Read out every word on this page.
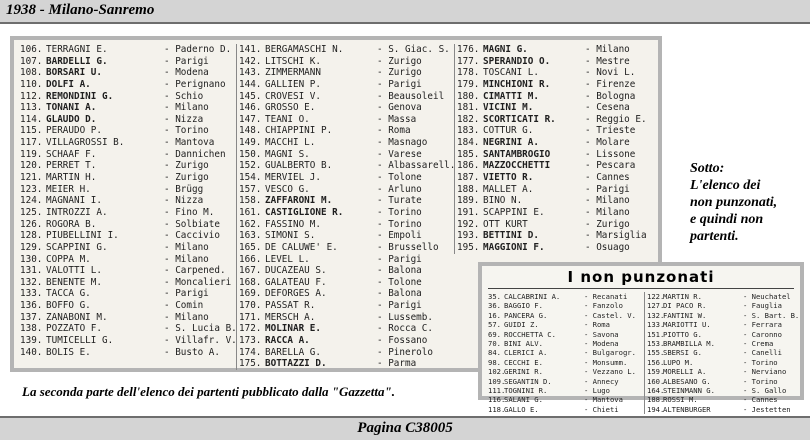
1938 - Milano-Sanremo
106. TERRAGNI E.	- Paderno D.
107. BARDELLI G.	- Parigi
108. BORSARI U.	- Modena
110. DOLFI A.	- Perignano
112. REMONDINI G.	- Schio
113. TONANI A.	- Milano
114. GLAUDO D.	- Nizza
115. PERAUDO P.	- Torino
117. VILLAGROSSI B.	- Mantova
119. SCHAAF F.	- Dannichen
120. PERRET T.	- Zurigo
121. MARTIN H.	- Zurigo
123. MEIER H.	- Brügg
124. MAGNANI I.	- Nizza
125. INTROZZI A.	- Fino M.
126. ROGORA B.	- Solbiate
128. PIUBELLINI I.	- Caccivio
129. SCAPPINI G.	- Milano
130. COPPA M.	- Milano
131. VALOTTI L.	- Carpened.
132. BENENTE M.	- Moncalieri
133. TACCA G.	- Parigi
136. BOFFO G.	- Comin
137. ZANABONI M.	- Milano
138. POZZATO F.	- S. Lucia B.
139. TUMICELLI G.	- Villafr. V.
140. BOLIS E.	- Busto A.
141. BERGAMASCHI N.	- S. Giac. S.
142. LITSCHI K.	- Zurigo
143. ZIMMERMANN	- Zurigo
144. GALLIEN P.	- Parigi
145. CROVESI V.	- Beausoleil
146. GROSSO E.	- Genova
147. TEANI O.	- Massa
148. CHIAPPINI P.	- Roma
149. MACCHI L.	- Masnago
150. MAGNI S.	- Varese
152. GUALBERTO B.	- Albassarell.
154. MERVIEL J.	- Tolone
157. VESCO G.	- Arluno
158. ZAFFARONI M.	- Turate
161. CASTIGLIONE R.	- Torino
162. FASSINO M.	- Torino
163. SIMONI S.	- Empoli
165. DE CALUWE' E.	- Brussello
166. LEVEL L.	- Parigi
167. DUCAZEAU S.	- Balona
168. GALATEAU F.	- Tolone
169. DEFORGES A.	- Balona
170. PASSAT R.	- Parigi
171. MERSCH A.	- Lussemb.
172. MOLINAR E.	- Rocca C.
173. RACCA A.	- Fossano
174. BARELLA G.	- Pinerolo
175. BOTTAZZI D.	- Parma
176. MAGNI G.	- Milano
177. SPERANDIO O.	- Mestre
178. TOSCANI L.	- Novi L.
179. MINCHIONI R.	- Firenze
180. CIMATTI M.	- Bologna
181. VICINI M.	- Cesena
182. SCORTICATI R.	- Reggio E.
183. COTTUR G.	- Trieste
184. NEGRINI A.	- Molare
185. SANTAMBROGIO	- Lissone
186. MAZZOCCHETTI	- Pescara
187. VIETTO R.	- Cannes
188. MALLET A.	- Parigi
189. BINO N.	- Milano
191. SCAPPINI E.	- Milano
192. OTT KURT	- Zurigo
193. BETTINI D.	- Marsiglia
195. MAGGIONI F.	- Osuago
La seconda parte dell'elenco dei partenti pubblicato dalla "Gazzetta".
Sotto:
L'elenco dei
non punzonati,
e quindi non
partenti.
I non punzonati
35. CALCABRINI A.	- Recanati
36. BAGGIO F.	- Fanzolo
16. PANCERA G.	- Castel. V.
57. GUIDI Z.	- Roma
69. ROCCHETTA C.	- Savona
70. BINI ALV.	- Modena
84. CLERICI A.	- Bulgarogr.
98. CECCHI E.	- Monsumm.
102.GERINI R.	- Vezzano L.
109.SEGANTIN D.	- Annecy
111.TOGNINI R.	- Lugo
116.SALANI G.	- Mantova
118.GALLO E.	- Chieti
122.MARTIN R.	- Neuchatel
127.DI PACO R.	- Fauglia
132.FANTINI W.	- S. Bart. B.
133.MARIOTTI U.	- Ferrara
151.PIOTTO G.	- Caronno
153.BRAMBILLA M.	- Crema
155.SBERSI G.	- Canelli
156.LUPO M.	- Torino
159.MORELLI A.	- Nerviano
160.ALBESANO G.	- Torino
164.STEINMANN G.	- S. Gallo
188.ROSSI M.	- Cannes
194.ALTENBURGER	- Jestetten
Pagina C38005
